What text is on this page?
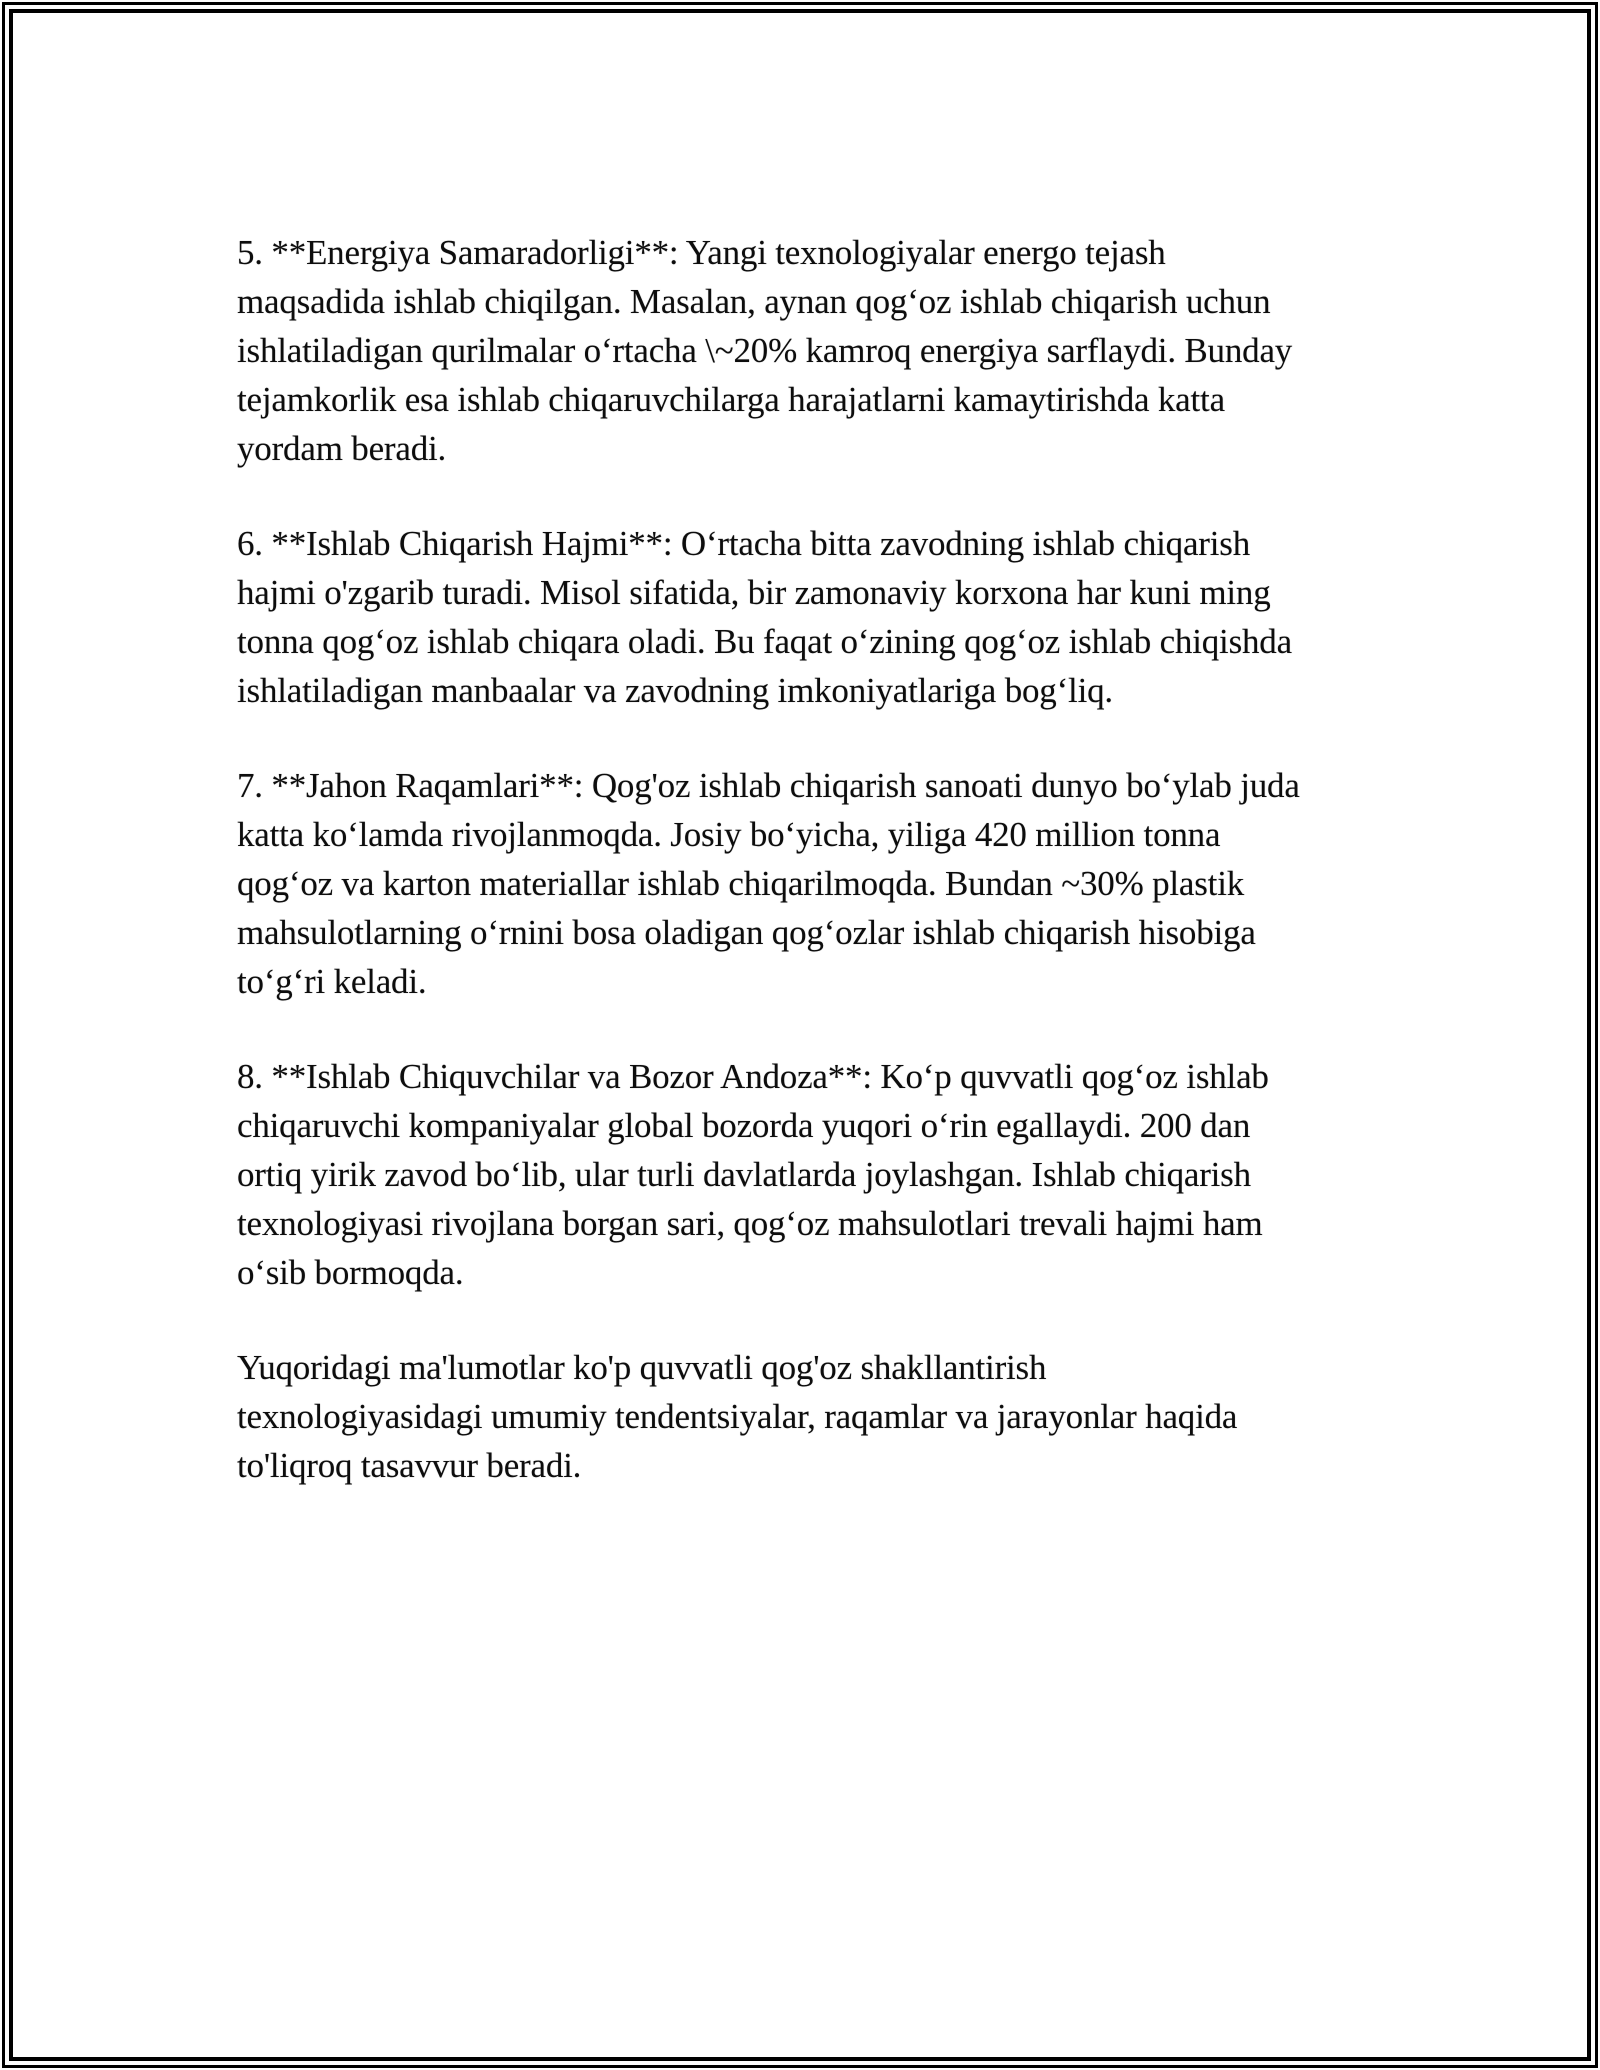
5. **Energiya Samaradorligi**: Yangi texnologiyalar energo tejash
maqsadida ishlab chiqilgan. Masalan, aynan qog‘oz ishlab chiqarish uchun
ishlatiladigan qurilmalar o‘rtacha \~20% kamroq energiya sarflaydi. Bunday
tejamkorlik esa ishlab chiqaruvchilarga harajatlarni kamaytirishda katta
yordam beradi.
6. **Ishlab Chiqarish Hajmi**: O‘rtacha bitta zavodning ishlab chiqarish
hajmi o'zgarib turadi. Misol sifatida, bir zamonaviy korxona har kuni ming
tonna qog‘oz ishlab chiqara oladi. Bu faqat o‘zining qog‘oz ishlab chiqishda
ishlatiladigan manbaalar va zavodning imkoniyatlariga bog‘liq.
7. **Jahon Raqamlari**: Qog'oz ishlab chiqarish sanoati dunyo bo‘ylab juda
katta ko‘lamda rivojlanmoqda. Josiy bo‘yicha, yiliga 420 million tonna
qog‘oz va karton materiallar ishlab chiqarilmoqda. Bundan ~30% plastik
mahsulotlarning o‘rnini bosa oladigan qog‘ozlar ishlab chiqarish hisobiga
to‘g‘ri keladi.
8. **Ishlab Chiquvchilar va Bozor Andoza**: Ko‘p quvvatli qog‘oz ishlab
chiqaruvchi kompaniyalar global bozorda yuqori o‘rin egallaydi. 200 dan
ortiq yirik zavod bo‘lib, ular turli davlatlarda joylashgan. Ishlab chiqarish
texnologiyasi rivojlana borgan sari, qog‘oz mahsulotlari trevali hajmi ham
o‘sib bormoqda.
Yuqoridagi ma'lumotlar ko'p quvvatli qog'oz shakllantirish
texnologiyasidagi umumiy tendentsiyalar, raqamlar va jarayonlar haqida
to'liqroq tasavvur beradi.
